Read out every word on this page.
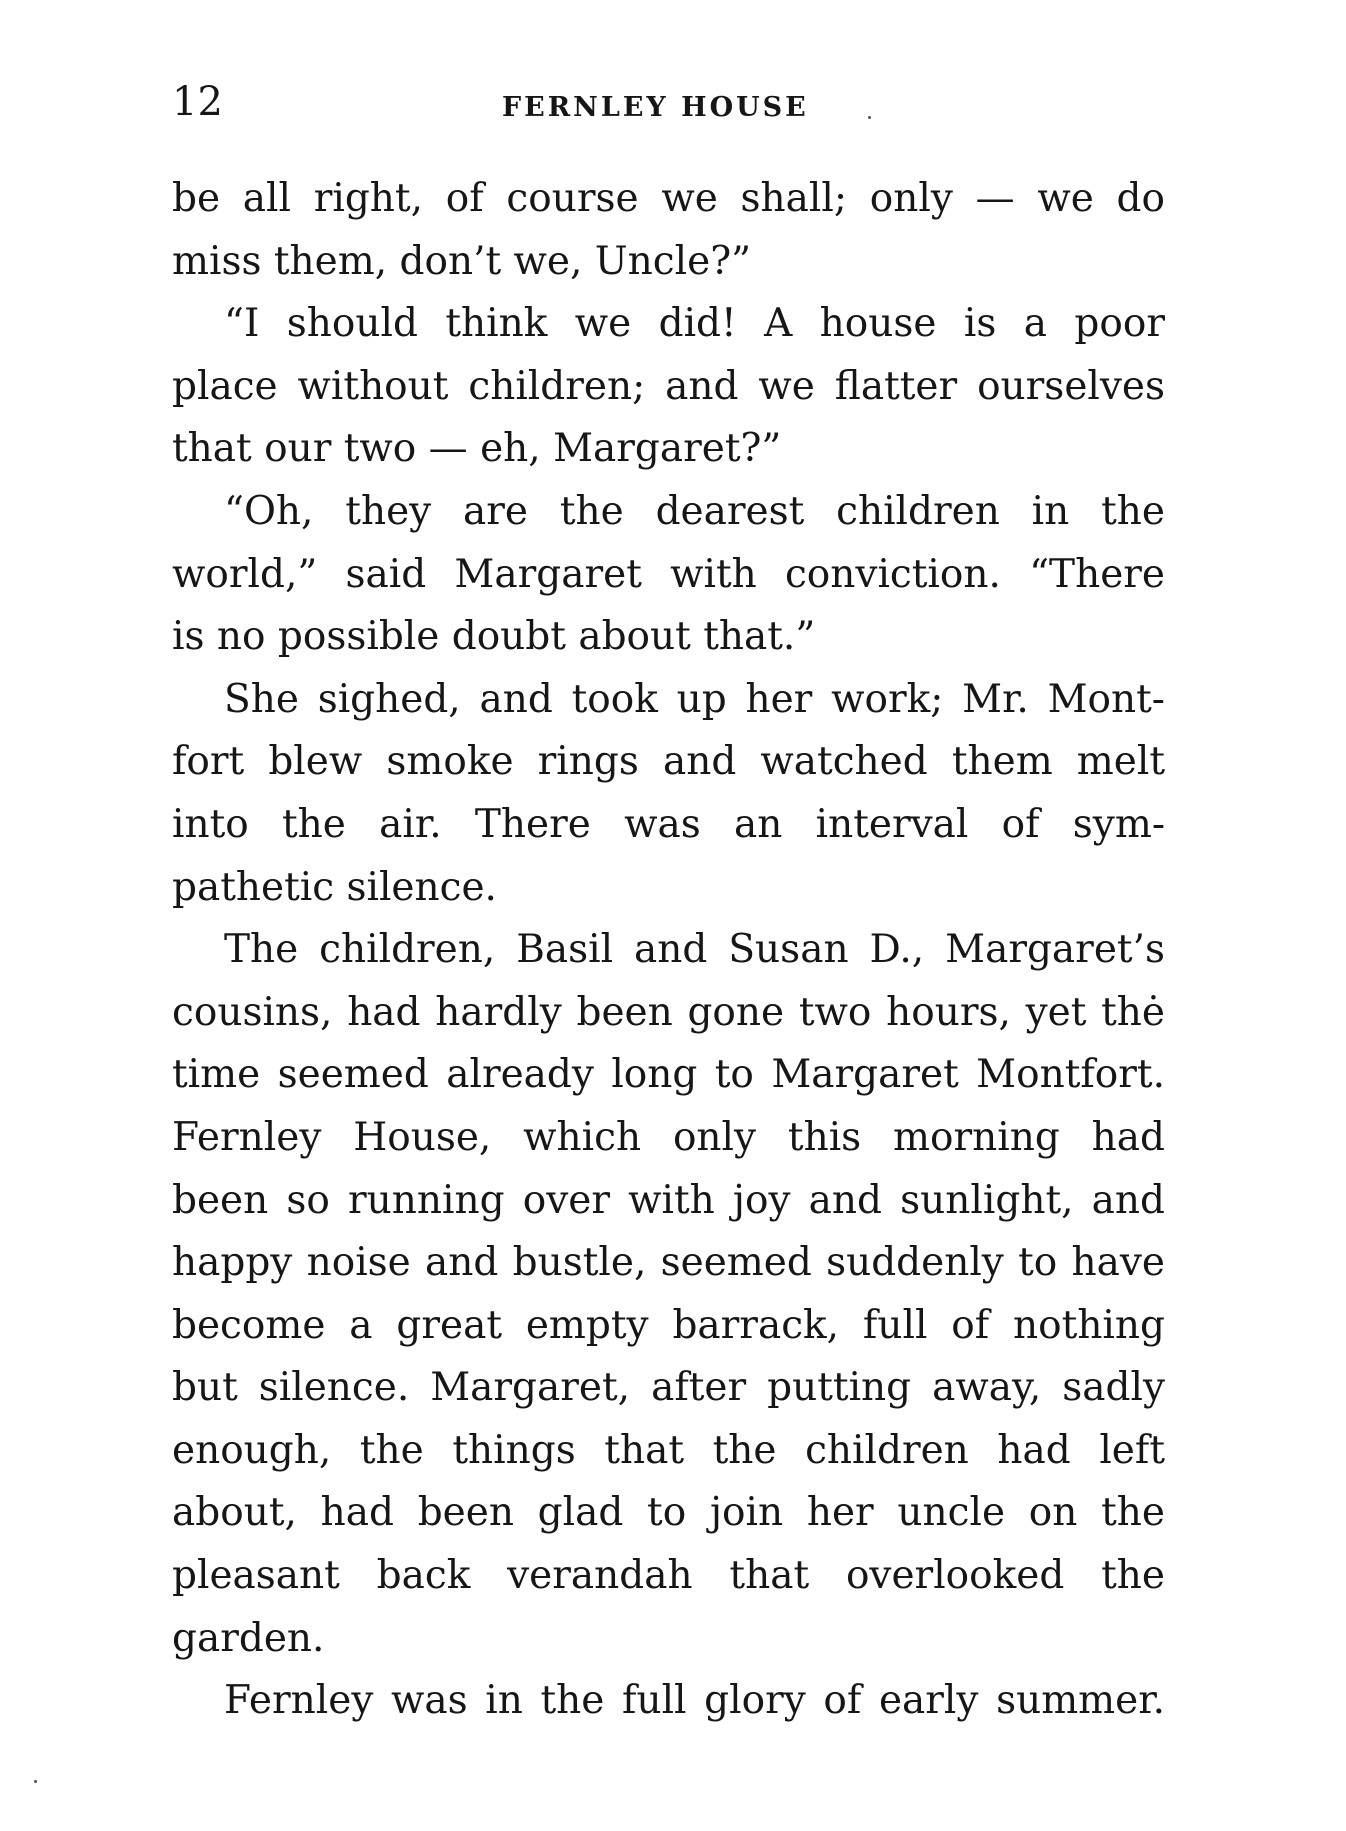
12	FERNLEY HOUSE
be all right, of course we shall; only — we do
miss them, don’t we, Uncle?”
“I should think we did! A house is a poor
place without children; and we flatter ourselves
that our two — eh, Margaret?”
“Oh, they are the dearest children in the
world,” said Margaret with conviction. “There
is no possible doubt about that.”
She sighed, and took up her work; Mr. Mont-
fort blew smoke rings and watched them melt
into the air. There was an interval of sym-
pathetic silence.
The children, Basil and Susan D., Margaret’s
cousins, had hardly been gone two hours, yet thė
time seemed already long to Margaret Montfort.
Fernley House, which only this morning had
been so running over with joy and sunlight, and
happy noise and bustle, seemed suddenly to have
become a great empty barrack, full of nothing
but silence. Margaret, after putting away, sadly
enough, the things that the children had left
about, had been glad to join her uncle on the
pleasant back verandah that overlooked the
garden.
Fernley was in the full glory of early summer.
